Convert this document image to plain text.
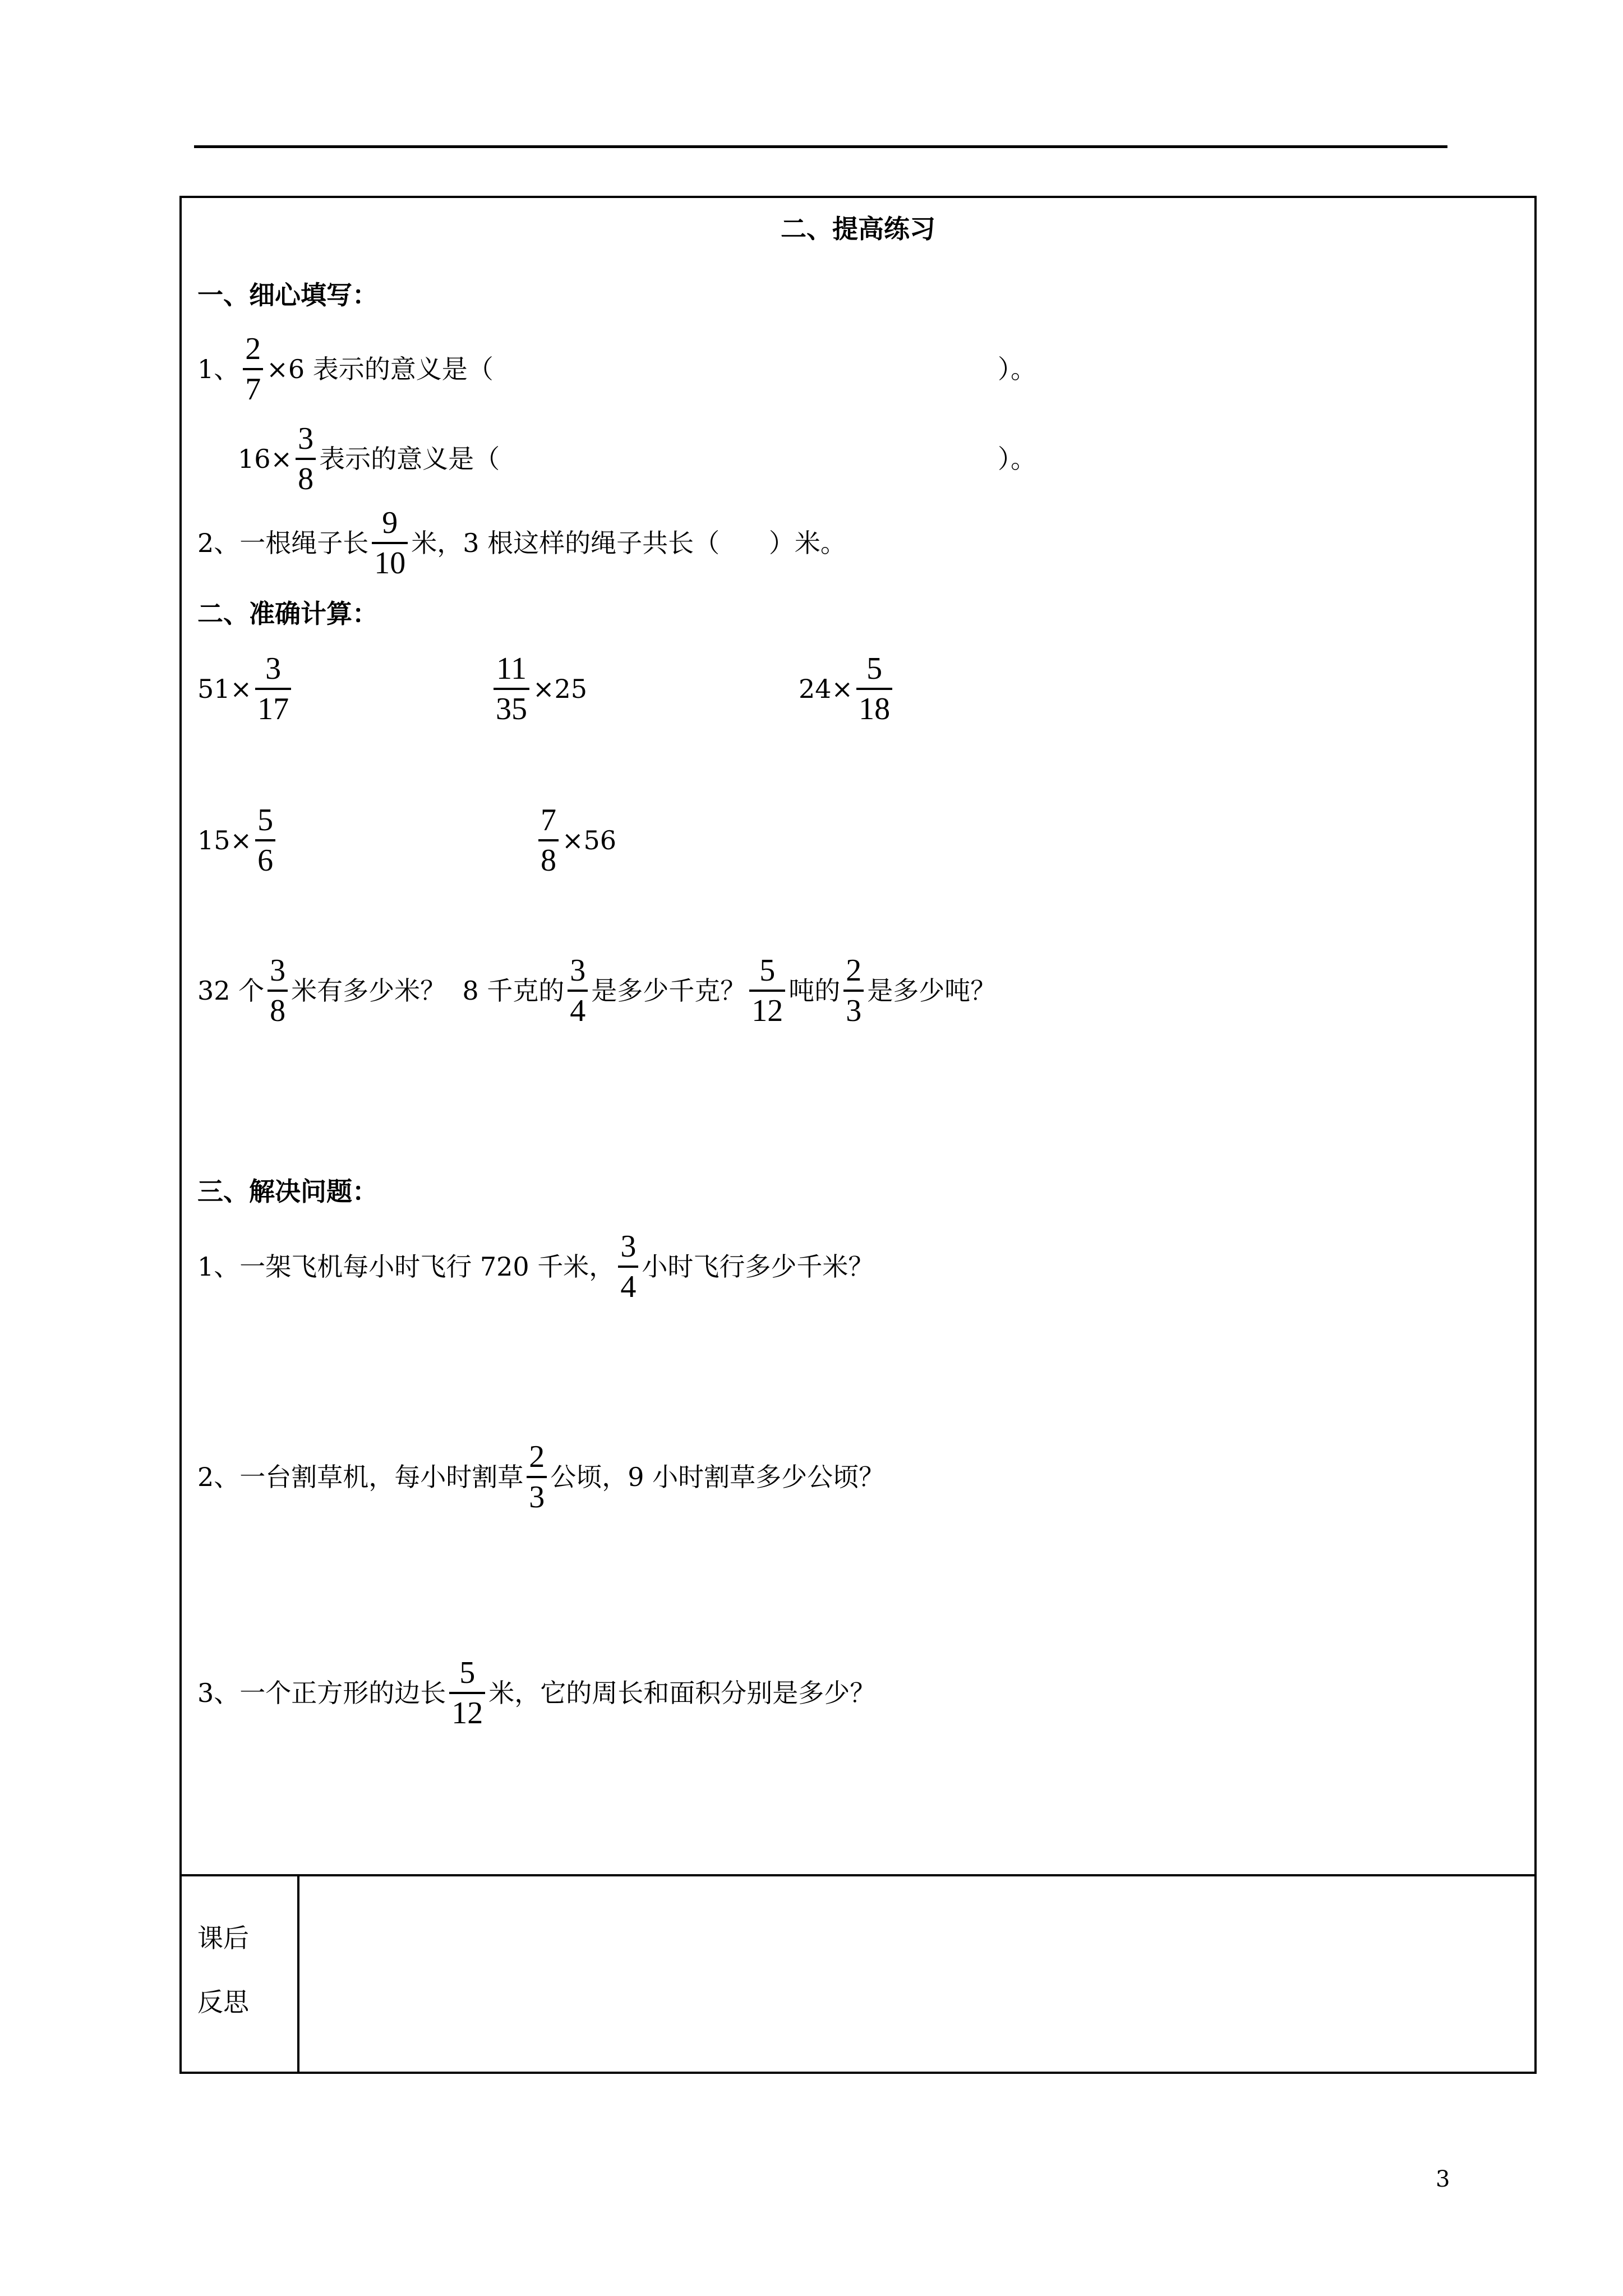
二、提高练习
一、细心填写：
1、 $\frac{2}{7} \times 6$ 表示的意义是（	）。
$16\times \frac{3}{8}$ 表示的意义是（	）。
2、一根绳子长 $\frac{9}{10}$ 米，3 根这样的绳子共长（      ）米。
二、准确计算：
$51\times \frac{3}{17}$	$\frac{11}{35} \times 25$	$24\times \frac{5}{18}$
$15\times \frac{5}{6}$	$\frac{7}{8} \times 56$
32 个 $\frac{3}{8}$ 米有多少米？  8 千克的 $\frac{3}{4}$ 是多少千克？ $\frac{5}{12}$ 吨的 $\frac{2}{3}$ 是多少吨？
三、解决问题：
1、一架飞机每小时飞行 720 千米， $\frac{3}{4}$ 小时飞行多少千米？
2、一台割草机，每小时割草 $\frac{2}{3}$ 公顷，9 小时割草多少公顷？
3、一个正方形的边长 $\frac{5}{12}$ 米，它的周长和面积分别是多少？
课后
反思
3
